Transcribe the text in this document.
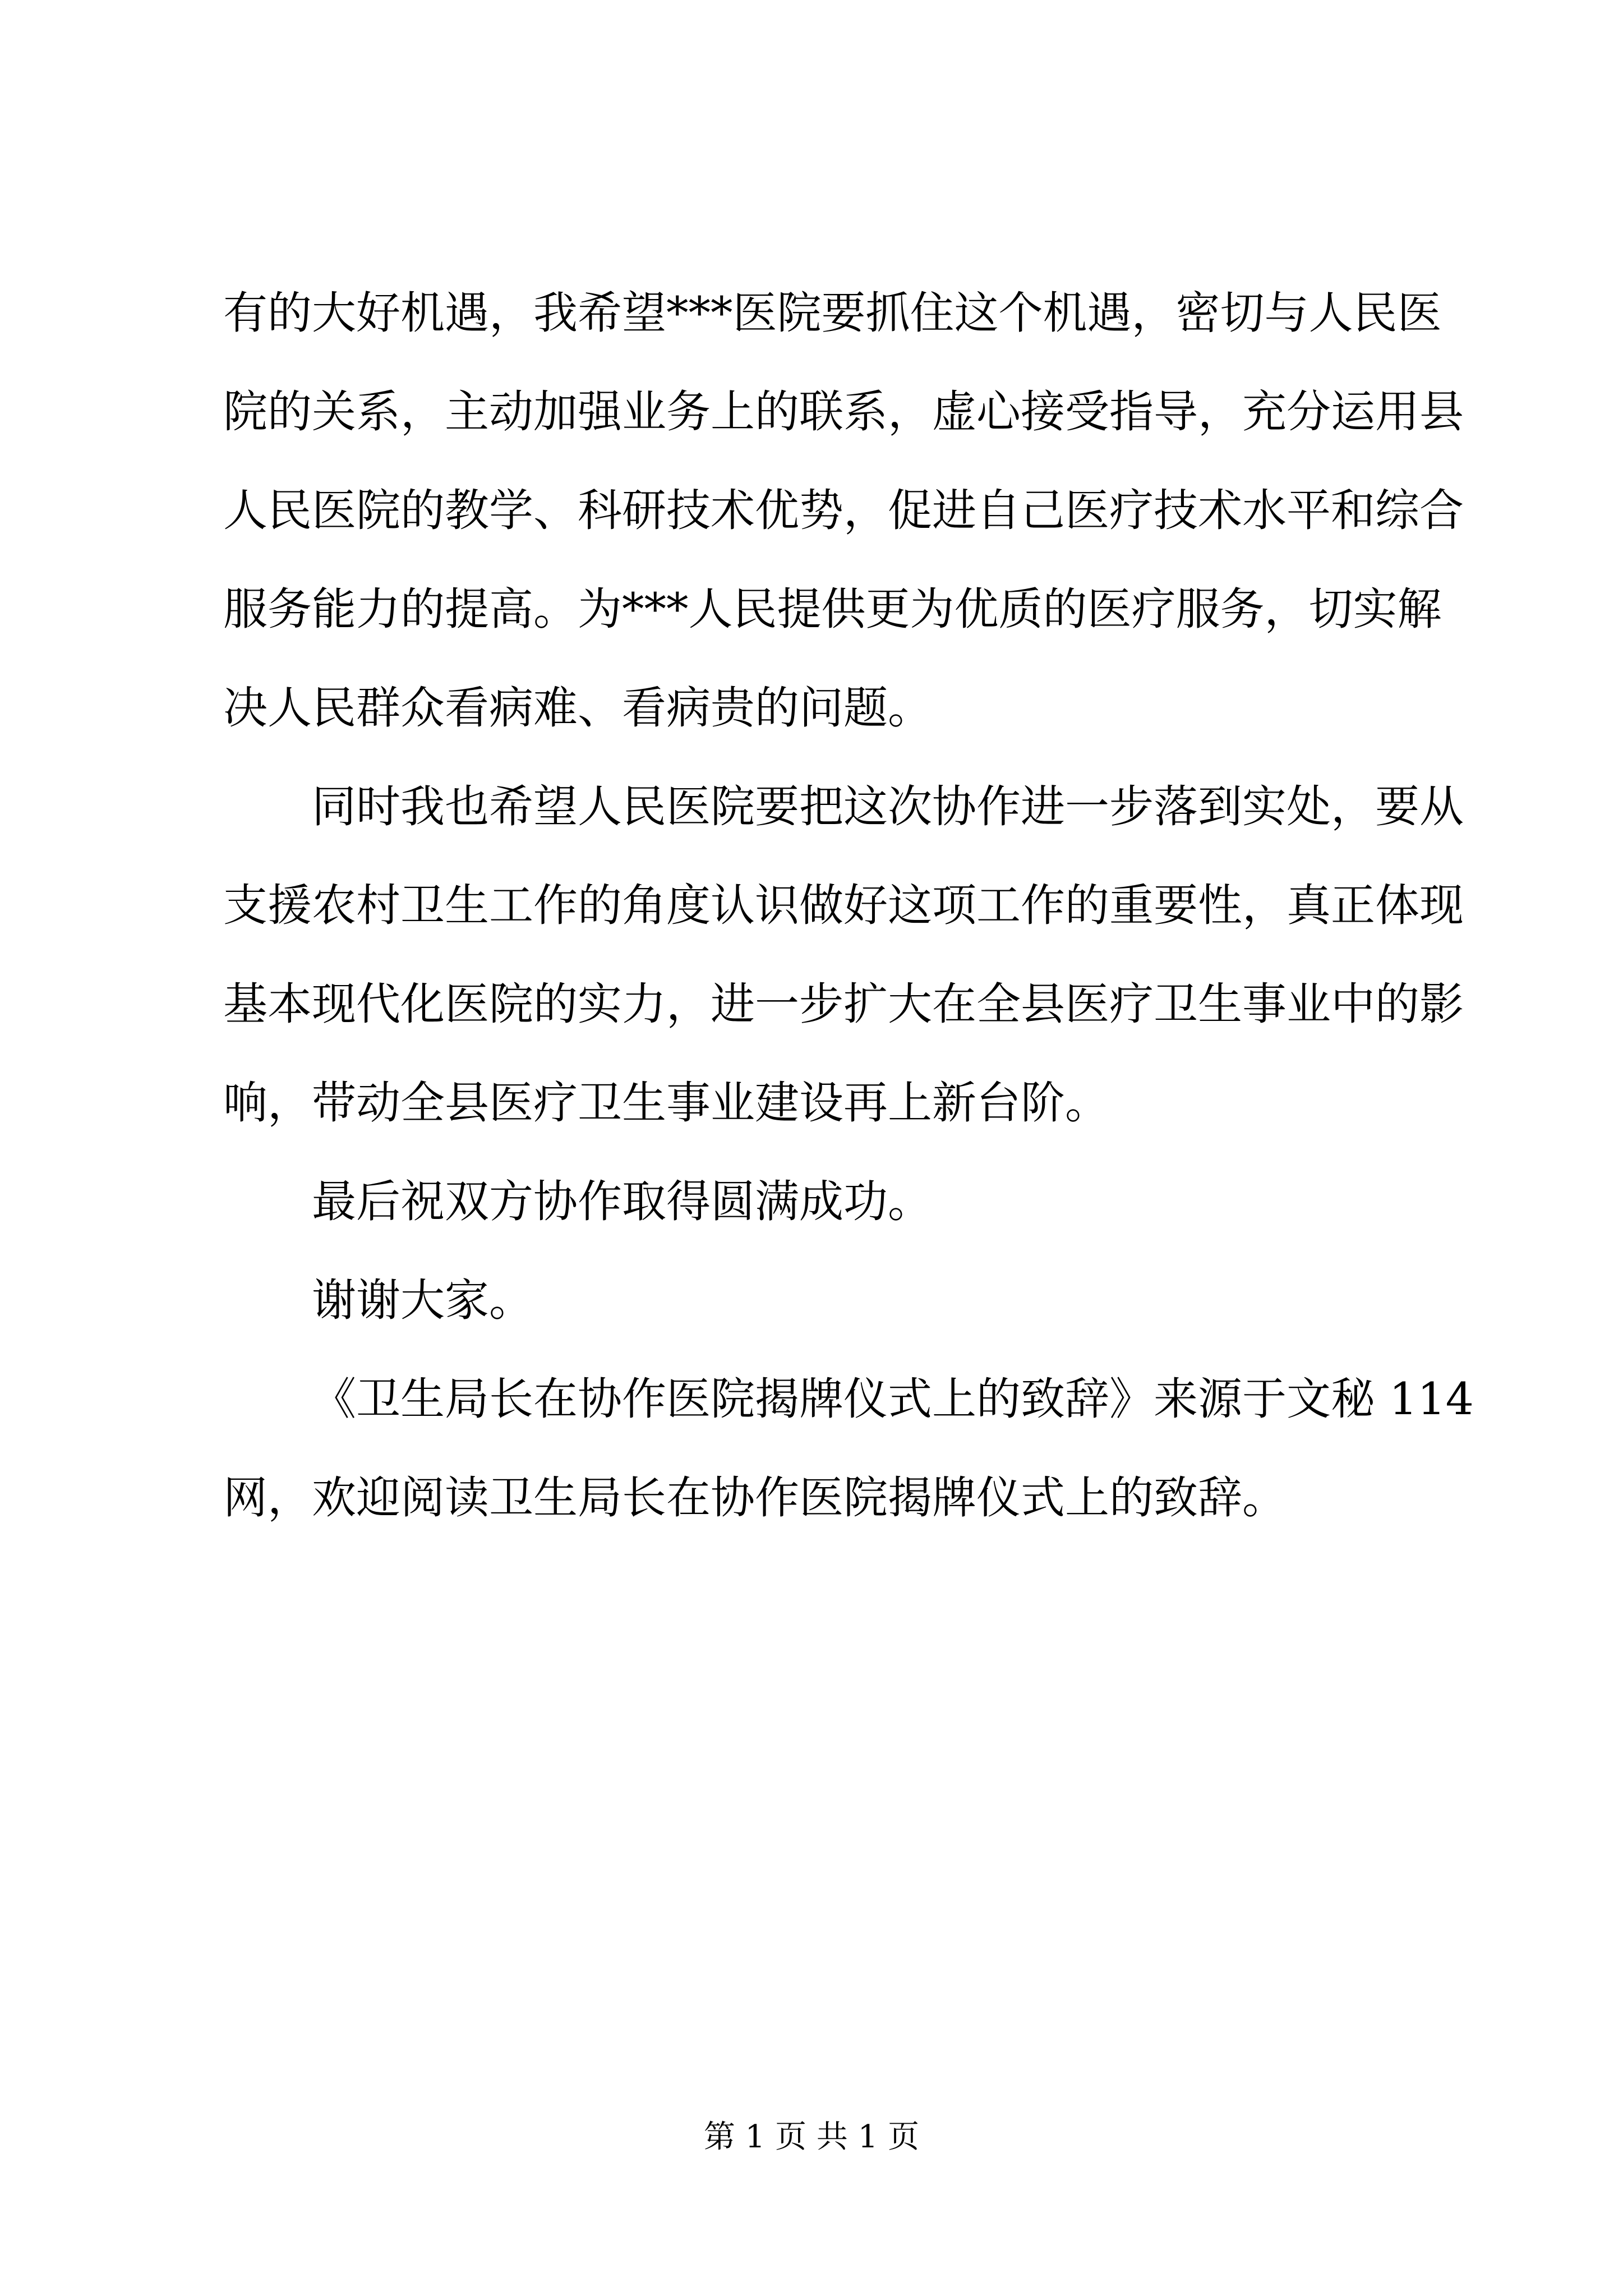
有的大好机遇，我希望***医院要抓住这个机遇，密切与人民医
院的关系，主动加强业务上的联系，虚心接受指导，充分运用县
人民医院的教学、科研技术优势，促进自己医疗技术水平和综合
服务能力的提高。为***人民提供更为优质的医疗服务，切实解
决人民群众看病难、看病贵的问题。
同时我也希望人民医院要把这次协作进一步落到实处，要从
支援农村卫生工作的角度认识做好这项工作的重要性，真正体现
基本现代化医院的实力，进一步扩大在全县医疗卫生事业中的影
响，带动全县医疗卫生事业建设再上新台阶。
最后祝双方协作取得圆满成功。
谢谢大家。
《卫生局长在协作医院揭牌仪式上的致辞》来源于文秘 114
网，欢迎阅读卫生局长在协作医院揭牌仪式上的致辞。
第 1 页 共 1 页
